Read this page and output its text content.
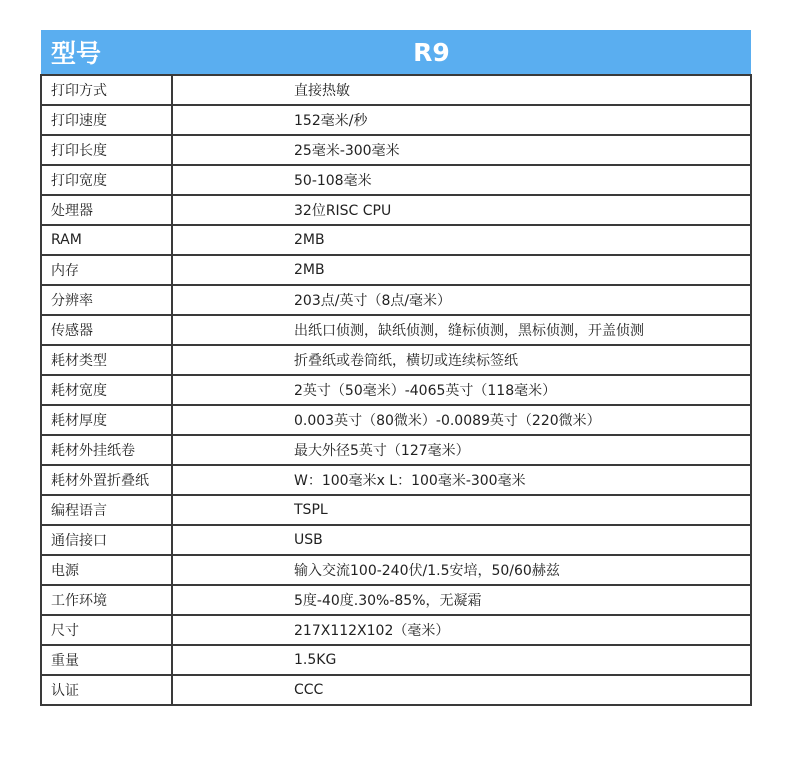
型号	R9
打印方式	直接热敏
打印速度	152毫米/秒
打印长度	25毫米-300毫米
打印宽度	50-108毫米
处理器	32位RISC CPU
RAM	2MB
内存	2MB
分辨率	203点/英寸（8点/毫米）
传感器	出纸口侦测，缺纸侦测，缝标侦测，黑标侦测，开盖侦测
耗材类型	折叠纸或卷筒纸，横切或连续标签纸
耗材宽度	2英寸（50毫米）-4065英寸（118毫米）
耗材厚度	0.003英寸（80微米）-0.0089英寸（220微米）
耗材外挂纸卷	最大外径5英寸（127毫米）
耗材外置折叠纸	W：100毫米x L：100毫米-300毫米
编程语言	TSPL
通信接口	USB
电源	输入交流100-240伏/1.5安培，50/60赫兹
工作环境	5度-40度.30%-85%，无凝霜
尺寸	217X112X102（毫米）
重量	1.5KG
认证	CCC
